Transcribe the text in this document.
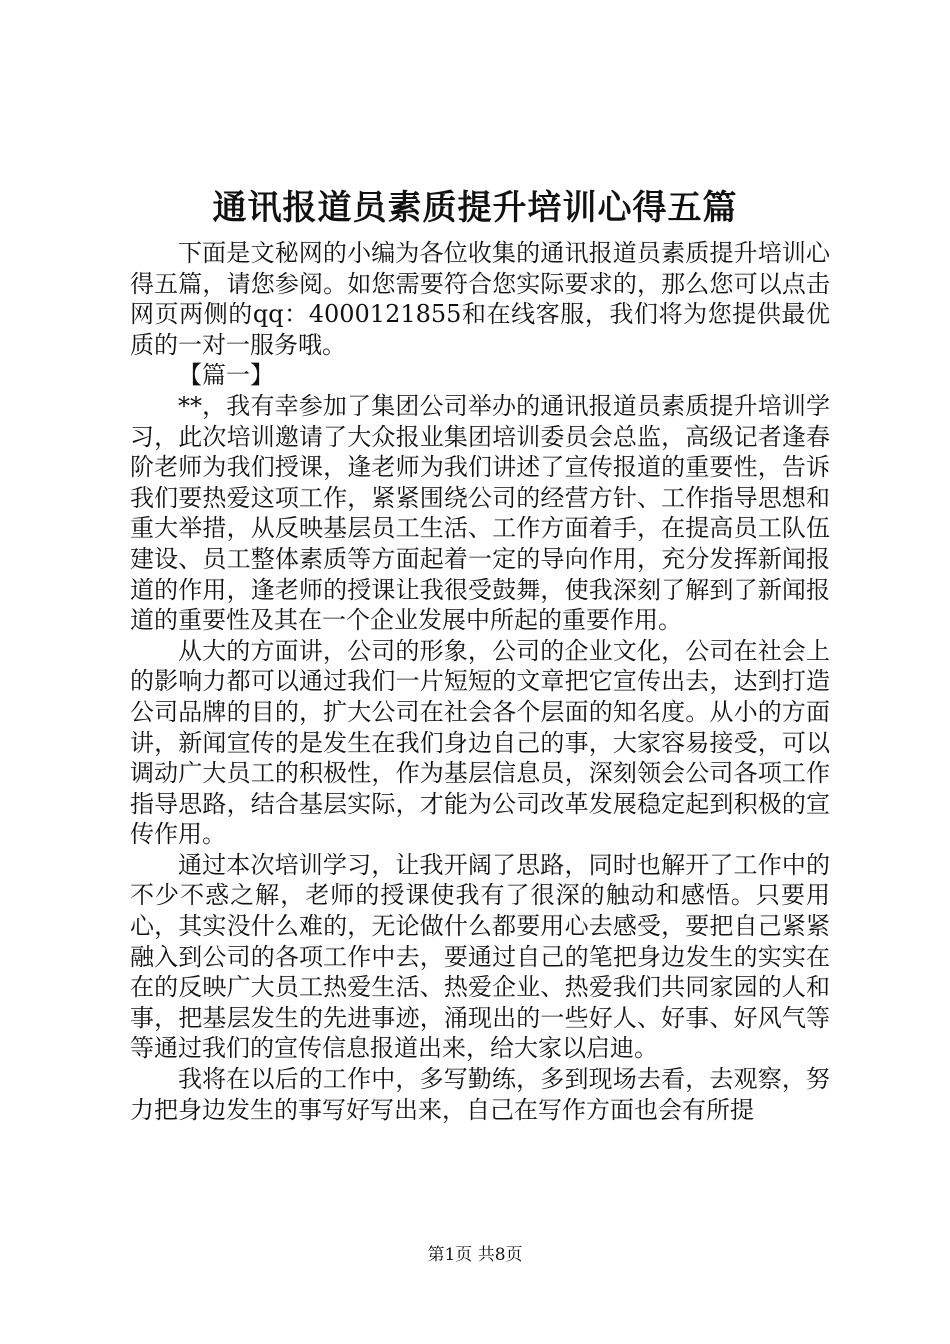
通讯报道员素质提升培训心得五篇

下面是文秘网的小编为各位收集的通讯报道员素质提升培训心得五篇，请您参阅。如您需要符合您实际要求的，那么您可以点击网页两侧的qq：4000121855和在线客服，我们将为您提供最优质的一对一服务哦。

【篇一】

**，我有幸参加了集团公司举办的通讯报道员素质提升培训学习，此次培训邀请了大众报业集团培训委员会总监，高级记者逢春阶老师为我们授课，逢老师为我们讲述了宣传报道的重要性，告诉我们要热爱这项工作，紧紧围绕公司的经营方针、工作指导思想和重大举措，从反映基层员工生活、工作方面着手，在提高员工队伍建设、员工整体素质等方面起着一定的导向作用，充分发挥新闻报道的作用，逢老师的授课让我很受鼓舞，使我深刻了解到了新闻报道的重要性及其在一个企业发展中所起的重要作用。

从大的方面讲，公司的形象，公司的企业文化，公司在社会上的影响力都可以通过我们一片短短的文章把它宣传出去，达到打造公司品牌的目的，扩大公司在社会各个层面的知名度。从小的方面讲，新闻宣传的是发生在我们身边自己的事，大家容易接受，可以调动广大员工的积极性，作为基层信息员，深刻领会公司各项工作指导思路，结合基层实际，才能为公司改革发展稳定起到积极的宣传作用。

通过本次培训学习，让我开阔了思路，同时也解开了工作中的不少不惑之解，老师的授课使我有了很深的触动和感悟。只要用心，其实没什么难的，无论做什么都要用心去感受，要把自己紧紧融入到公司的各项工作中去，要通过自己的笔把身边发生的实实在在的反映广大员工热爱生活、热爱企业、热爱我们共同家园的人和事，把基层发生的先进事迹，涌现出的一些好人、好事、好风气等等通过我们的宣传信息报道出来，给大家以启迪。

我将在以后的工作中，多写勤练，多到现场去看，去观察，努力把身边发生的事写好写出来，自己在写作方面也会有所提

第1页 共8页
